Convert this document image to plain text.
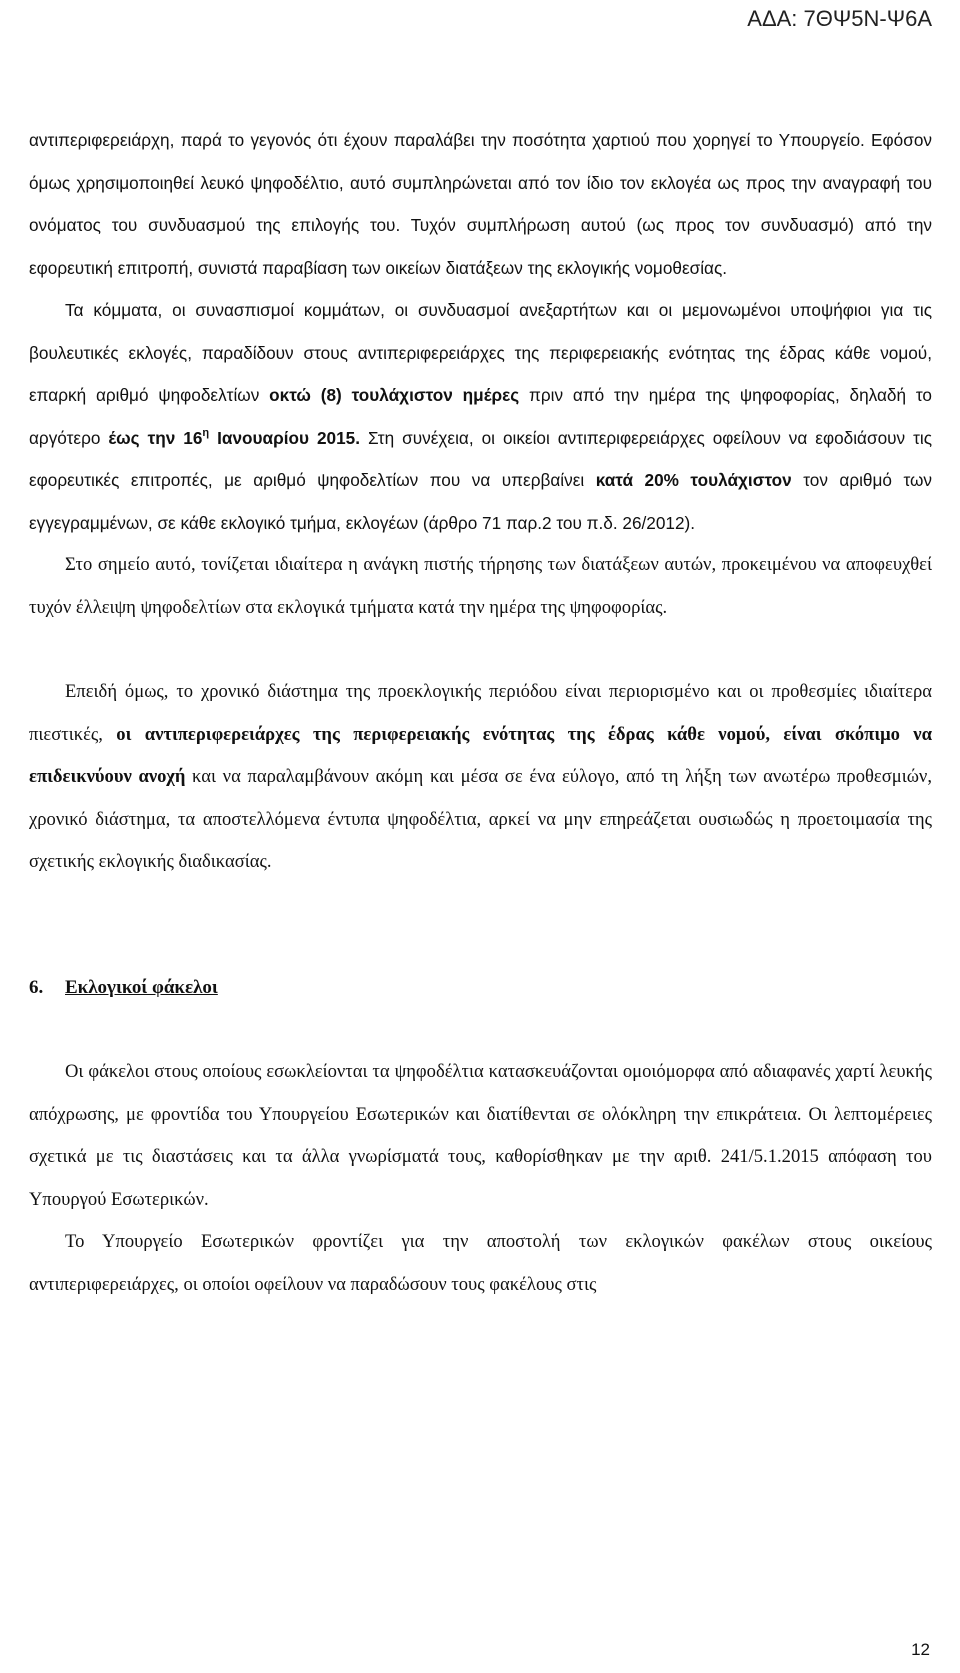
ΑΔΑ: 7ΘΨ5Ν-Ψ6Α

αντιπεριφερειάρχη, παρά το γεγονός ότι έχουν παραλάβει την ποσότητα χαρτιού που χορηγεί το Υπουργείο. Εφόσον όμως χρησιμοποιηθεί λευκό ψηφοδέλτιο, αυτό συμπληρώνεται από τον ίδιο τον εκλογέα ως προς την αναγραφή του ονόματος του συνδυασμού της επιλογής του. Τυχόν συμπλήρωση αυτού (ως προς τον συνδυασμό) από την εφορευτική επιτροπή, συνιστά παραβίαση των οικείων διατάξεων της εκλογικής νομοθεσίας.

Τα κόμματα, οι συνασπισμοί κομμάτων, οι συνδυασμοί ανεξαρτήτων και οι μεμονωμένοι υποψήφιοι για τις βουλευτικές εκλογές, παραδίδουν στους αντιπεριφερειάρχες της περιφερειακής ενότητας της έδρας κάθε νομού, επαρκή αριθμό ψηφοδελτίων οκτώ (8) τουλάχιστον ημέρες πριν από την ημέρα της ψηφοφορίας, δηλαδή το αργότερο έως την $16^\eta$ Ιανουαρίου 2015. Στη συνέχεια, οι οικείοι αντιπεριφερειάρχες οφείλουν να εφοδιάσουν τις εφορευτικές επιτροπές, με αριθμό ψηφοδελτίων που να υπερβαίνει κατά 20% τουλάχιστον τον αριθμό των εγγεγραμμένων, σε κάθε εκλογικό τμήμα, εκλογέων (άρθρο 71 παρ.2 του π.δ. 26/2012).

Στο σημείο αυτό, τονίζεται ιδιαίτερα η ανάγκη πιστής τήρησης των διατάξεων αυτών, προκειμένου να αποφευχθεί τυχόν έλλειψη ψηφοδελτίων στα εκλογικά τμήματα κατά την ημέρα της ψηφοφορίας.

Επειδή όμως, το χρονικό διάστημα της προεκλογικής περιόδου είναι περιορισμένο και οι προθεσμίες ιδιαίτερα πιεστικές, οι αντιπεριφερειάρχες της περιφερειακής ενότητας της έδρας κάθε νομού, είναι σκόπιμο να επιδεικνύουν ανοχή και να παραλαμβάνουν ακόμη και μέσα σε ένα εύλογο, από τη λήξη των ανωτέρω προθεσμιών, χρονικό διάστημα, τα αποστελλόμενα έντυπα ψηφοδέλτια, αρκεί να μην επηρεάζεται ουσιωδώς η προετοιμασία της σχετικής εκλογικής διαδικασίας.

6. Εκλογικοί φάκελοι

Οι φάκελοι στους οποίους εσωκλείονται τα ψηφοδέλτια κατασκευάζονται ομοιόμορφα από αδιαφανές χαρτί λευκής απόχρωσης, με φροντίδα του Υπουργείου Εσωτερικών και διατίθενται σε ολόκληρη την επικράτεια. Οι λεπτομέρειες σχετικά με τις διαστάσεις και τα άλλα γνωρίσματά τους, καθορίσθηκαν με την αριθ. 241/5.1.2015 απόφαση του Υπουργού Εσωτερικών.

Το Υπουργείο Εσωτερικών φροντίζει για την αποστολή των εκλογικών φακέλων στους οικείους αντιπεριφερειάρχες, οι οποίοι οφείλουν να παραδώσουν τους φακέλους στις

12
